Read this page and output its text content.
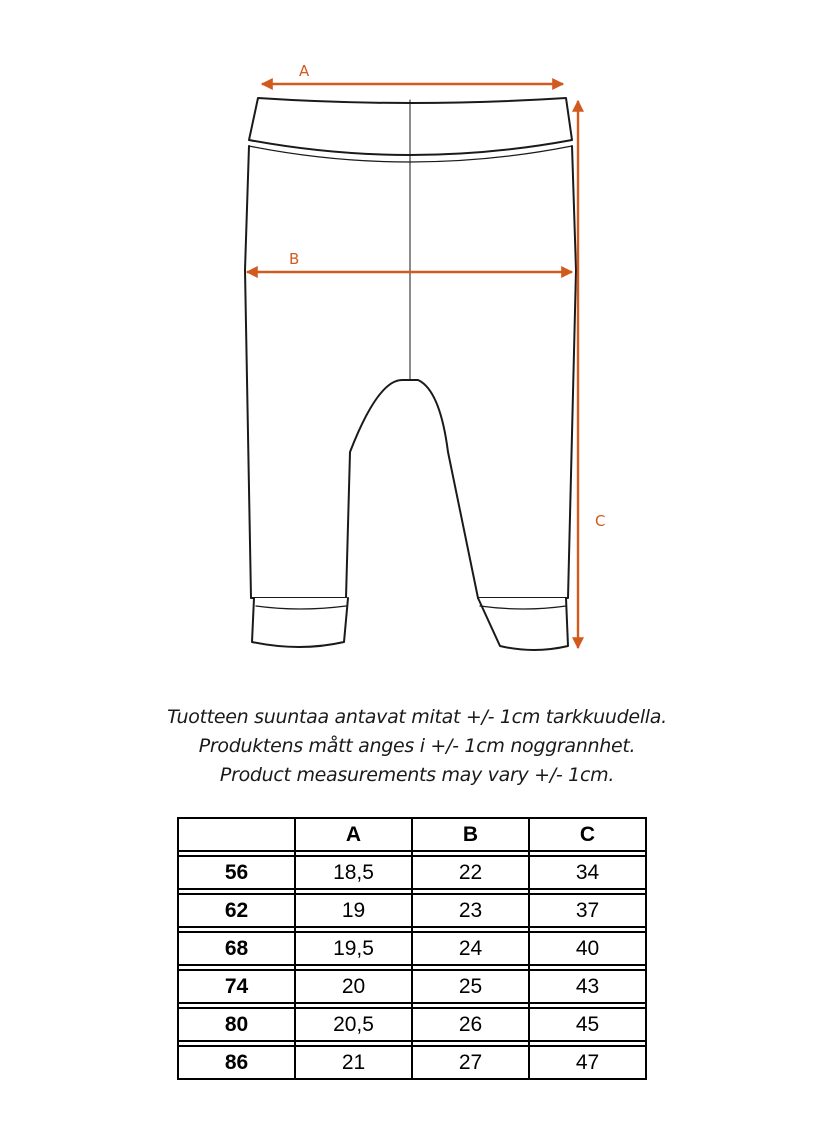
A
B
C
Tuotteen suuntaa antavat mitat +/- 1cm tarkkuudella.
Produktens mått anges i +/- 1cm noggrannhet.
Product measurements may vary +/- 1cm.
	A	B	C

56	18,5	22	34

62	19	23	37

68	19,5	24	40

74	20	25	43

80	20,5	26	45

86	21	27	47
